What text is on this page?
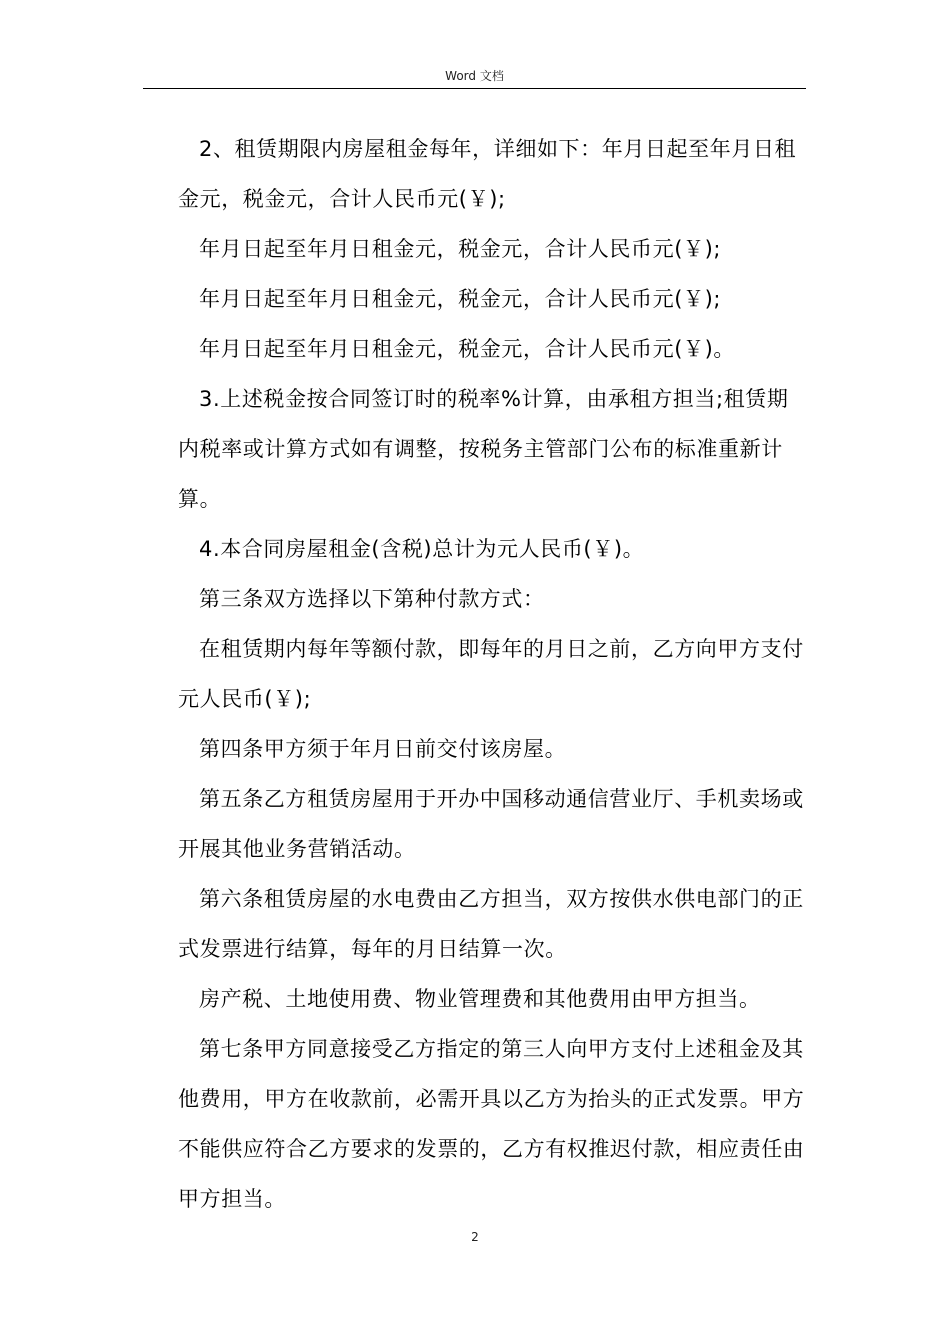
Word 文档

2、租赁期限内房屋租金每年，详细如下：年月日起至年月日租金元，税金元，合计人民币元(￥);

年月日起至年月日租金元，税金元，合计人民币元(￥);

年月日起至年月日租金元，税金元，合计人民币元(￥);

年月日起至年月日租金元，税金元，合计人民币元(￥)。

3.上述税金按合同签订时的税率%计算，由承租方担当;租赁期内税率或计算方式如有调整，按税务主管部门公布的标准重新计算。

4.本合同房屋租金(含税)总计为元人民币(￥)。

第三条双方选择以下第种付款方式：

在租赁期内每年等额付款，即每年的月日之前，乙方向甲方支付元人民币(￥);

第四条甲方须于年月日前交付该房屋。

第五条乙方租赁房屋用于开办中国移动通信营业厅、手机卖场或开展其他业务营销活动。

第六条租赁房屋的水电费由乙方担当，双方按供水供电部门的正式发票进行结算，每年的月日结算一次。

房产税、土地使用费、物业管理费和其他费用由甲方担当。

第七条甲方同意接受乙方指定的第三人向甲方支付上述租金及其他费用，甲方在收款前，必需开具以乙方为抬头的正式发票。甲方不能供应符合乙方要求的发票的，乙方有权推迟付款，相应责任由甲方担当。

2
